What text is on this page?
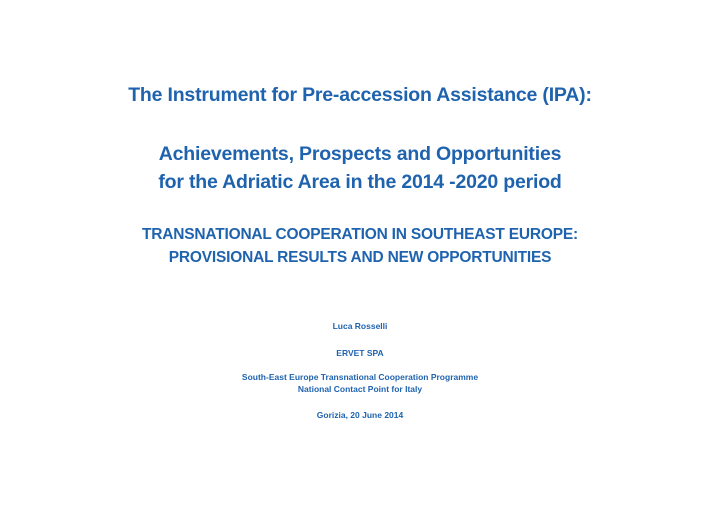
The Instrument for Pre-accession Assistance (IPA):
Achievements, Prospects and Opportunities
for the Adriatic Area in the 2014 -2020 period
TRANSNATIONAL COOPERATION IN SOUTHEAST EUROPE:
PROVISIONAL RESULTS AND NEW OPPORTUNITIES
Luca Rosselli
ERVET SPA
South-East Europe Transnational Cooperation Programme
National Contact Point for Italy
Gorizia, 20 June 2014
